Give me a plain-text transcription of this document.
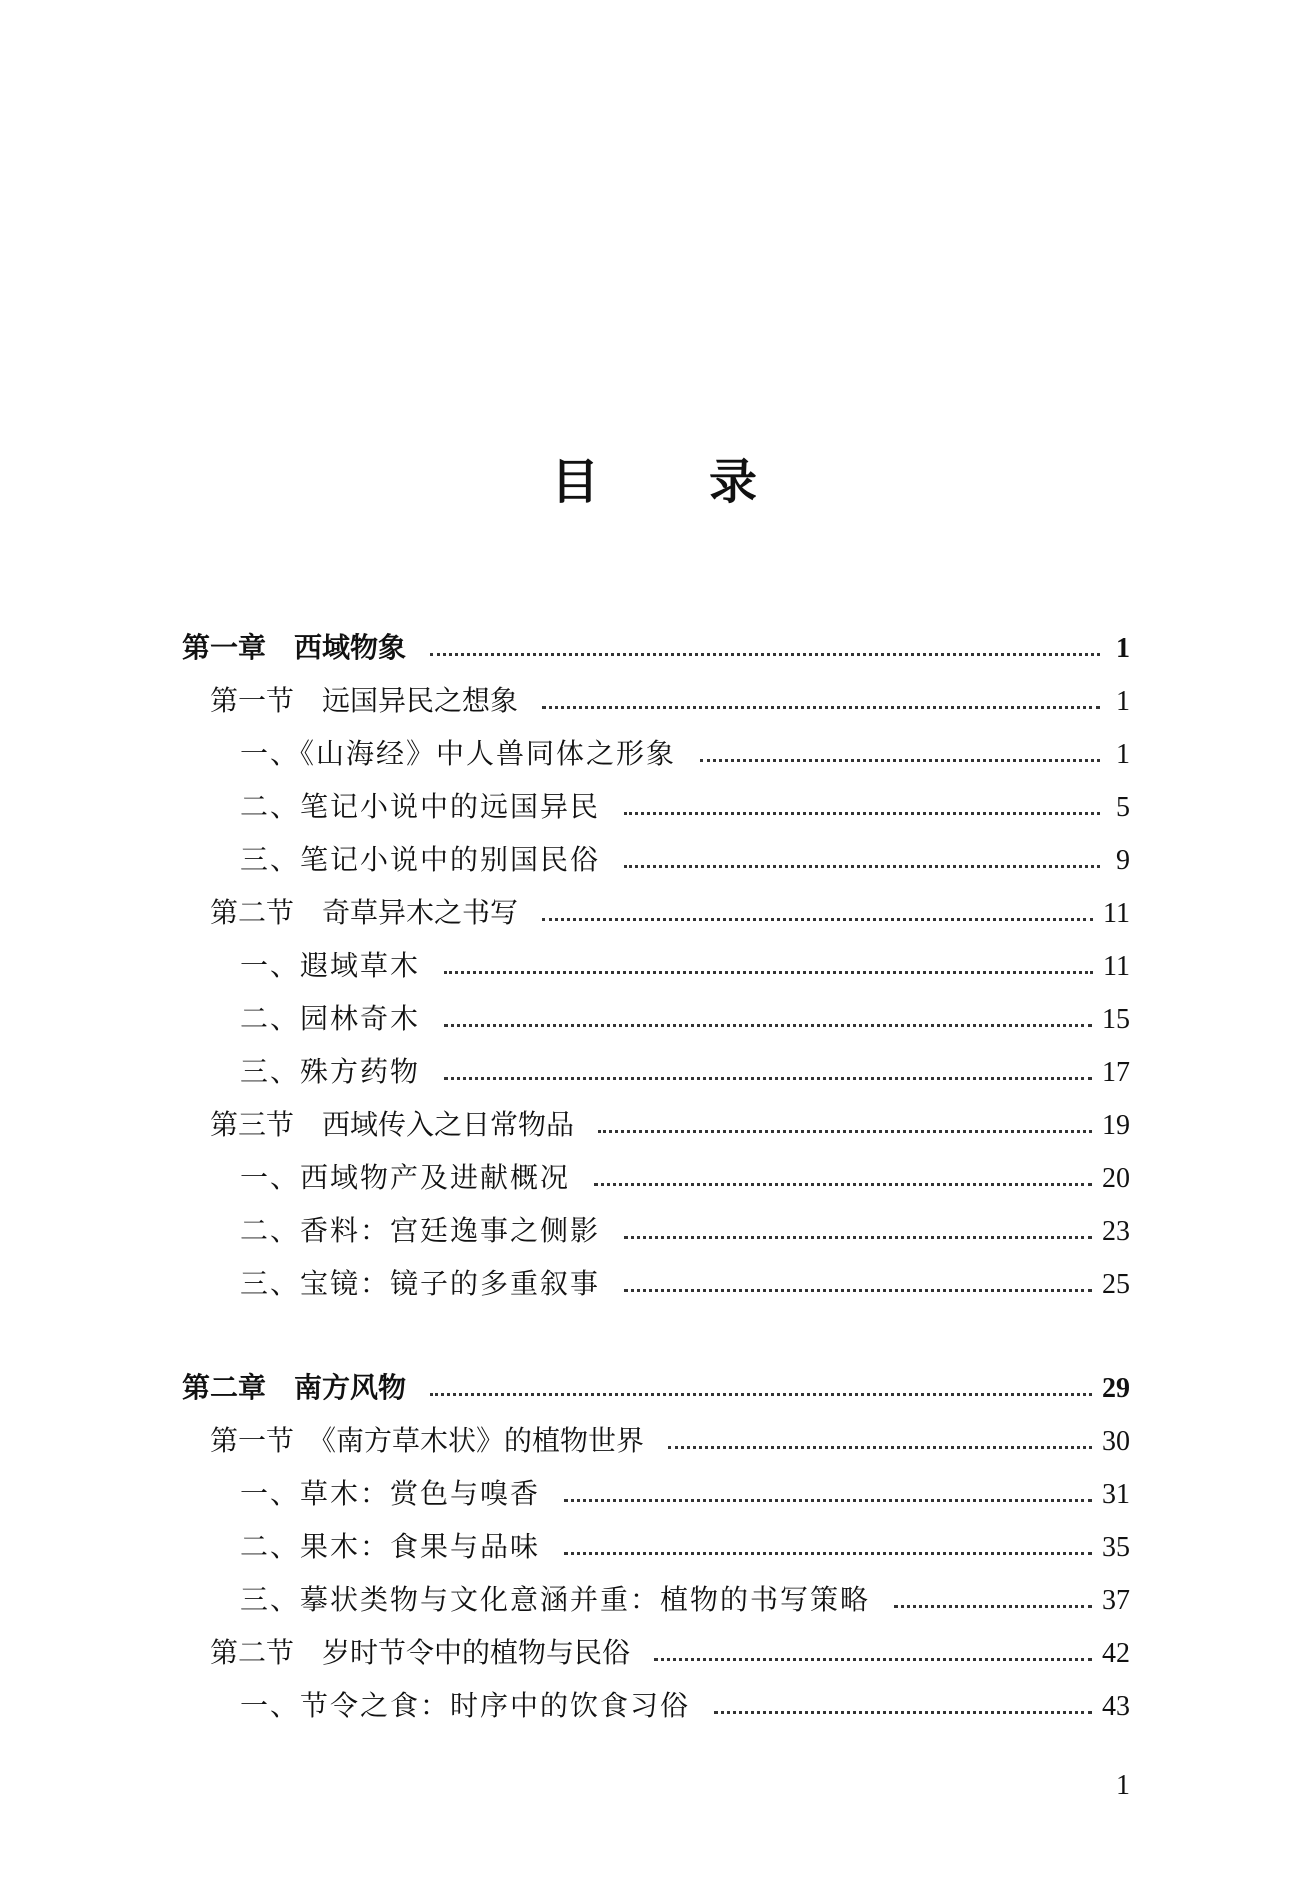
目录
第一章　西域物象	1
第一节　远国异民之想象	1
一、《山海经》中人兽同体之形象	1
二、笔记小说中的远国异民	5
三、笔记小说中的别国民俗	9
第二节　奇草异木之书写	11
一、遐域草木	11
二、园林奇木	15
三、殊方药物	17
第三节　西域传入之日常物品	19
一、西域物产及进献概况	20
二、香料：宫廷逸事之侧影	23
三、宝镜：镜子的多重叙事	25
第二章　南方风物	29
第一节　《南方草木状》的植物世界	30
一、草木：赏色与嗅香	31
二、果木：食果与品味	35
三、摹状类物与文化意涵并重：植物的书写策略	37
第二节　岁时节令中的植物与民俗	42
一、节令之食：时序中的饮食习俗	43
1
